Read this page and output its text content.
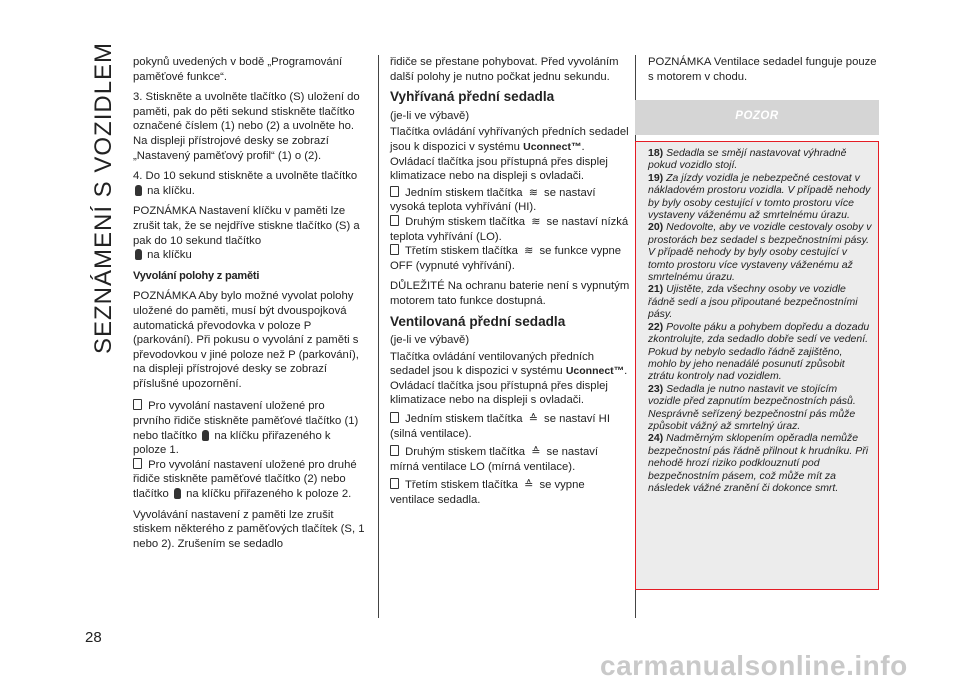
SEZNÁMENÍ S VOZIDLEM
28

pokynů uvedených v bodě „Programování paměťové funkce“.

3. Stiskněte a uvolněte tlačítko (S) uložení do paměti, pak do pěti sekund stiskněte tlačítko označené číslem (1) nebo (2) a uvolněte ho. Na displeji přístrojové desky se zobrazí „Nastavený paměťový profil“ (1) o (2).

4. Do 10 sekund stiskněte a uvolněte tlačítko  na klíčku.

POZNÁMKA Nastavení klíčku v paměti lze zrušit tak, že se nejdříve stiskne tlačítko (S) a pak do 10 sekund tlačítko
na klíčku

Vyvolání polohy z paměti

POZNÁMKA Aby bylo možné vyvolat polohy uložené do paměti, musí být dvouspojková automatická převodovka v poloze P (parkování). Při pokusu o vyvolání z paměti s převodovkou v jiné poloze než P (parkování), na displeji přístrojové desky se zobrazí příslušné upozornění.

Pro vyvolání nastavení uložené pro prvního řidiče stiskněte paměťové tlačítko (1) nebo tlačítko na klíčku přiřazeného k poloze 1.

Pro vyvolání nastavení uložené pro druhé řidiče stiskněte paměťové tlačítko (2) nebo tlačítko na klíčku přiřazeného k poloze 2.

Vyvolávání nastavení z paměti lze zrušit stiskem některého z paměťových tlačítek (S, 1 nebo 2). Zrušením se sedadlo

řidiče se přestane pohybovat. Před vyvoláním další polohy je nutno počkat jednu sekundu.

Vyhřívaná přední sedadla

(je-li ve výbavě)

Tlačítka ovládání vyhřívaných předních sedadel jsou k dispozici v systému Uconnect™. Ovládací tlačítka jsou přístupná přes displej klimatizace nebo na displeji s ovladači.

Jedním stiskem tlačítka ≋ se nastaví vysoká teplota vyhřívání (HI).

Druhým stiskem tlačítka ≋ se nastaví nízká teplota vyhřívání (LO).

Třetím stiskem tlačítka ≋ se funkce vypne OFF (vypnuté vyhřívání).

DŮLEŽITÉ Na ochranu baterie není s vypnutým motorem tato funkce dostupná.

Ventilovaná přední sedadla

(je-li ve výbavě)

Tlačítka ovládání ventilovaných předních sedadel jsou k dispozici v systému Uconnect™. Ovládací tlačítka jsou přístupná přes displej klimatizace nebo na displeji s ovladači.

Jedním stiskem tlačítka ≙ se nastaví HI (silná ventilace).

Druhým stiskem tlačítka ≙ se nastaví mírná ventilace LO (mírná ventilace).

Třetím stiskem tlačítka ≙ se vypne ventilace sedadla.

POZNÁMKA Ventilace sedadel funguje pouze s motorem v chodu.

POZOR

18) Sedadla se smějí nastavovat výhradně pokud vozidlo stojí.

19) Za jízdy vozidla je nebezpečné cestovat v nákladovém prostoru vozidla. V případě nehody by byly osoby cestující v tomto prostoru více vystaveny váženému až smrtelnému úrazu.

20) Nedovolte, aby ve vozidle cestovaly osoby v prostorách bez sedadel s bezpečnostními pásy. V případě nehody by byly osoby cestující v tomto prostoru více vystaveny váženému až smrtelnému úrazu.

21) Ujistěte, zda všechny osoby ve vozidle řádně sedí a jsou připoutané bezpečnostními pásy.

22) Povolte páku a pohybem dopředu a dozadu zkontrolujte, zda sedadlo dobře sedí ve vedení. Pokud by nebylo sedadlo řádně zajištěno, mohlo by jeho nenadálé posunutí způsobit ztrátu kontroly nad vozidlem.

23) Sedadla je nutno nastavit ve stojícím vozidle před zapnutím bezpečnostních pásů. Nesprávně seřízený bezpečnostní pás může způsobit vážný až smrtelný úraz.

24) Nadměrným sklopením opěradla nemůže bezpečnostní pás řádně přilnout k hrudníku. Při nehodě hrozí riziko podklouznutí pod bezpečnostním pásem, což může mít za následek vážné zranění či dokonce smrt.

carmanualsonline.info
